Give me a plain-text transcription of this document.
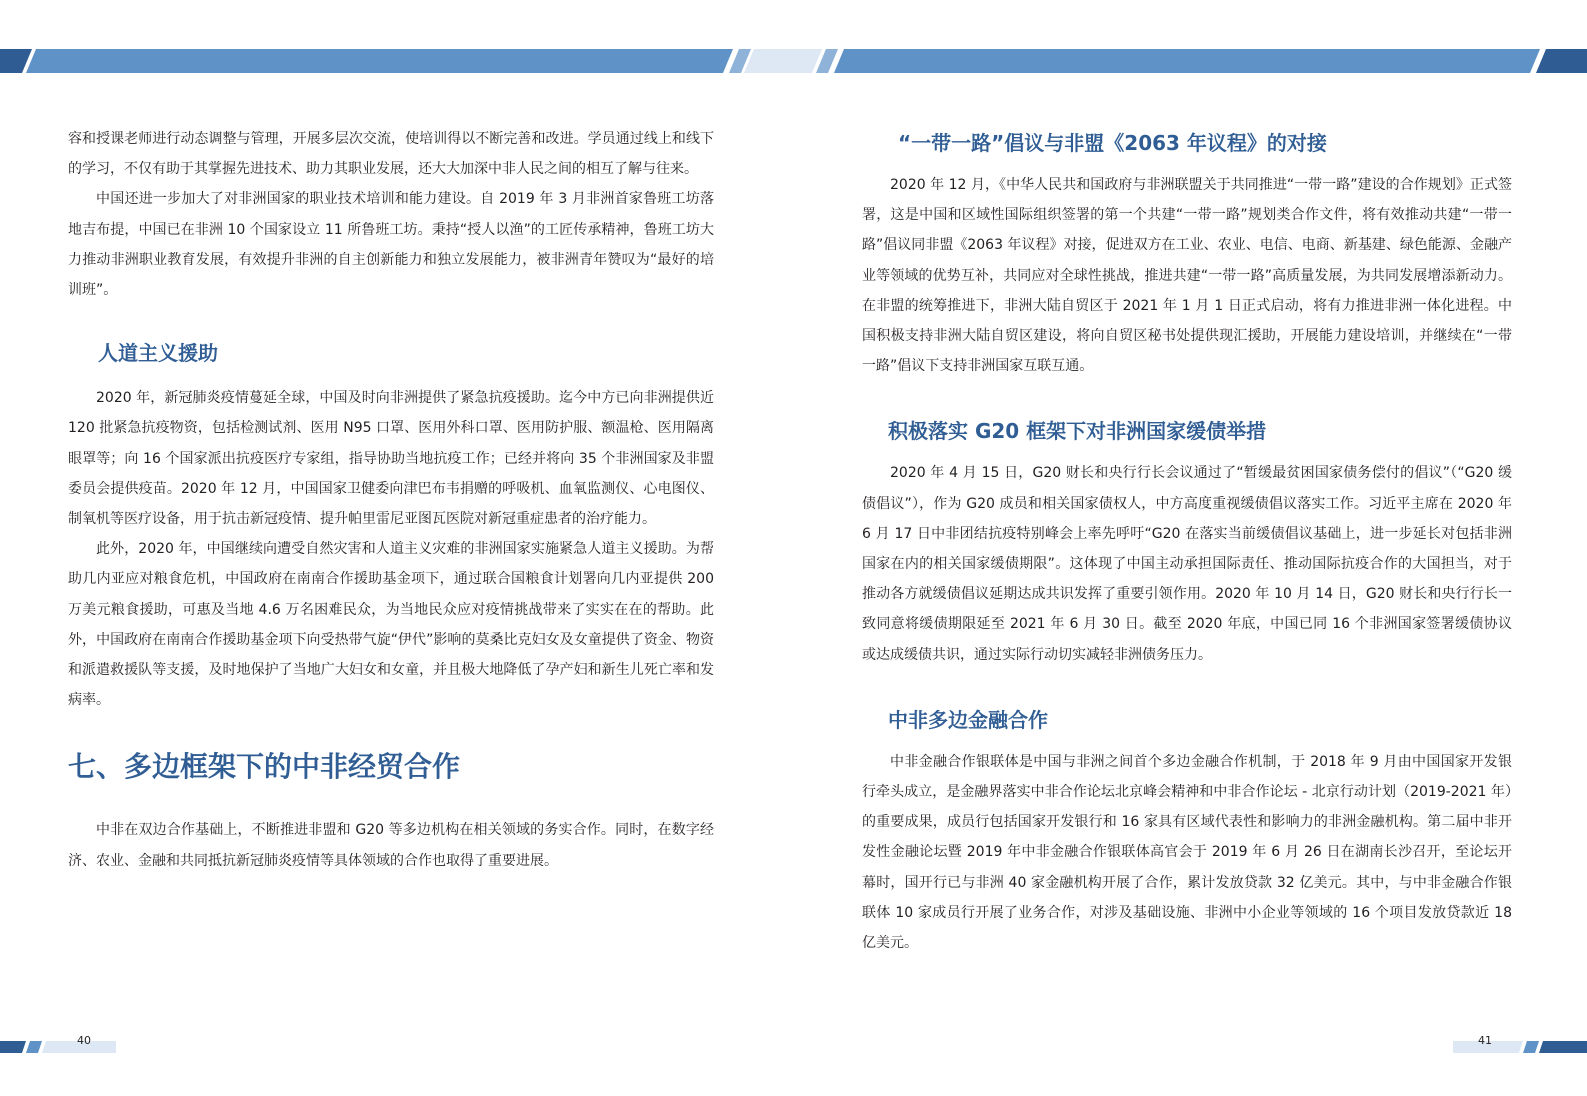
容和授课老师进行动态调整与管理，开展多层次交流，使培训得以不断完善和改进。学员通过线上和线下的学习，不仅有助于其掌握先进技术、助力其职业发展，还大大加深中非人民之间的相互了解与往来。

中国还进一步加大了对非洲国家的职业技术培训和能力建设。自 2019 年 3 月非洲首家鲁班工坊落地吉布提，中国已在非洲 10 个国家设立 11 所鲁班工坊。秉持“授人以渔”的工匠传承精神，鲁班工坊大力推动非洲职业教育发展，有效提升非洲的自主创新能力和独立发展能力，被非洲青年赞叹为“最好的培训班”。

人道主义援助

2020 年，新冠肺炎疫情蔓延全球，中国及时向非洲提供了紧急抗疫援助。迄今中方已向非洲提供近 120 批紧急抗疫物资，包括检测试剂、医用 N95 口罩、医用外科口罩、医用防护服、额温枪、医用隔离眼罩等；向 16 个国家派出抗疫医疗专家组，指导协助当地抗疫工作；已经并将向 35 个非洲国家及非盟委员会提供疫苗。2020 年 12 月，中国国家卫健委向津巴布韦捐赠的呼吸机、血氧监测仪、心电图仪、制氧机等医疗设备，用于抗击新冠疫情、提升帕里雷尼亚图瓦医院对新冠重症患者的治疗能力。

此外，2020 年，中国继续向遭受自然灾害和人道主义灾难的非洲国家实施紧急人道主义援助。为帮助几内亚应对粮食危机，中国政府在南南合作援助基金项下，通过联合国粮食计划署向几内亚提供 200 万美元粮食援助，可惠及当地 4.6 万名困难民众，为当地民众应对疫情挑战带来了实实在在的帮助。此外，中国政府在南南合作援助基金项下向受热带气旋“伊代”影响的莫桑比克妇女及女童提供了资金、物资和派遣救援队等支援，及时地保护了当地广大妇女和女童，并且极大地降低了孕产妇和新生儿死亡率和发病率。

七、多边框架下的中非经贸合作

中非在双边合作基础上，不断推进非盟和 G20 等多边机构在相关领域的务实合作。同时，在数字经济、农业、金融和共同抵抗新冠肺炎疫情等具体领域的合作也取得了重要进展。

“一带一路”倡议与非盟《2063 年议程》的对接

2020 年 12 月，《中华人民共和国政府与非洲联盟关于共同推进“一带一路”建设的合作规划》正式签署，这是中国和区域性国际组织签署的第一个共建“一带一路”规划类合作文件，将有效推动共建“一带一路”倡议同非盟《2063 年议程》对接，促进双方在工业、农业、电信、电商、新基建、绿色能源、金融产业等领域的优势互补，共同应对全球性挑战，推进共建“一带一路”高质量发展，为共同发展增添新动力。在非盟的统筹推进下，非洲大陆自贸区于 2021 年 1 月 1 日正式启动，将有力推进非洲一体化进程。中国积极支持非洲大陆自贸区建设，将向自贸区秘书处提供现汇援助，开展能力建设培训，并继续在“一带一路”倡议下支持非洲国家互联互通。

积极落实 G20 框架下对非洲国家缓债举措

2020 年 4 月 15 日，G20 财长和央行行长会议通过了“暂缓最贫困国家债务偿付的倡议”（“G20 缓债倡议”），作为 G20 成员和相关国家债权人，中方高度重视缓债倡议落实工作。习近平主席在 2020 年 6 月 17 日中非团结抗疫特别峰会上率先呼吁“G20 在落实当前缓债倡议基础上，进一步延长对包括非洲国家在内的相关国家缓债期限”。这体现了中国主动承担国际责任、推动国际抗疫合作的大国担当，对于推动各方就缓债倡议延期达成共识发挥了重要引领作用。2020 年 10 月 14 日，G20 财长和央行行长一致同意将缓债期限延至 2021 年 6 月 30 日。截至 2020 年底，中国已同 16 个非洲国家签署缓债协议或达成缓债共识，通过实际行动切实减轻非洲债务压力。

中非多边金融合作

中非金融合作银联体是中国与非洲之间首个多边金融合作机制，于 2018 年 9 月由中国国家开发银行牵头成立，是金融界落实中非合作论坛北京峰会精神和中非合作论坛 - 北京行动计划（2019-2021 年）的重要成果，成员行包括国家开发银行和 16 家具有区域代表性和影响力的非洲金融机构。第二届中非开发性金融论坛暨 2019 年中非金融合作银联体高官会于 2019 年 6 月 26 日在湖南长沙召开，至论坛开幕时，国开行已与非洲 40 家金融机构开展了合作，累计发放贷款 32 亿美元。其中，与中非金融合作银联体 10 家成员行开展了业务合作，对涉及基础设施、非洲中小企业等领域的 16 个项目发放贷款近 18 亿美元。

40	41
